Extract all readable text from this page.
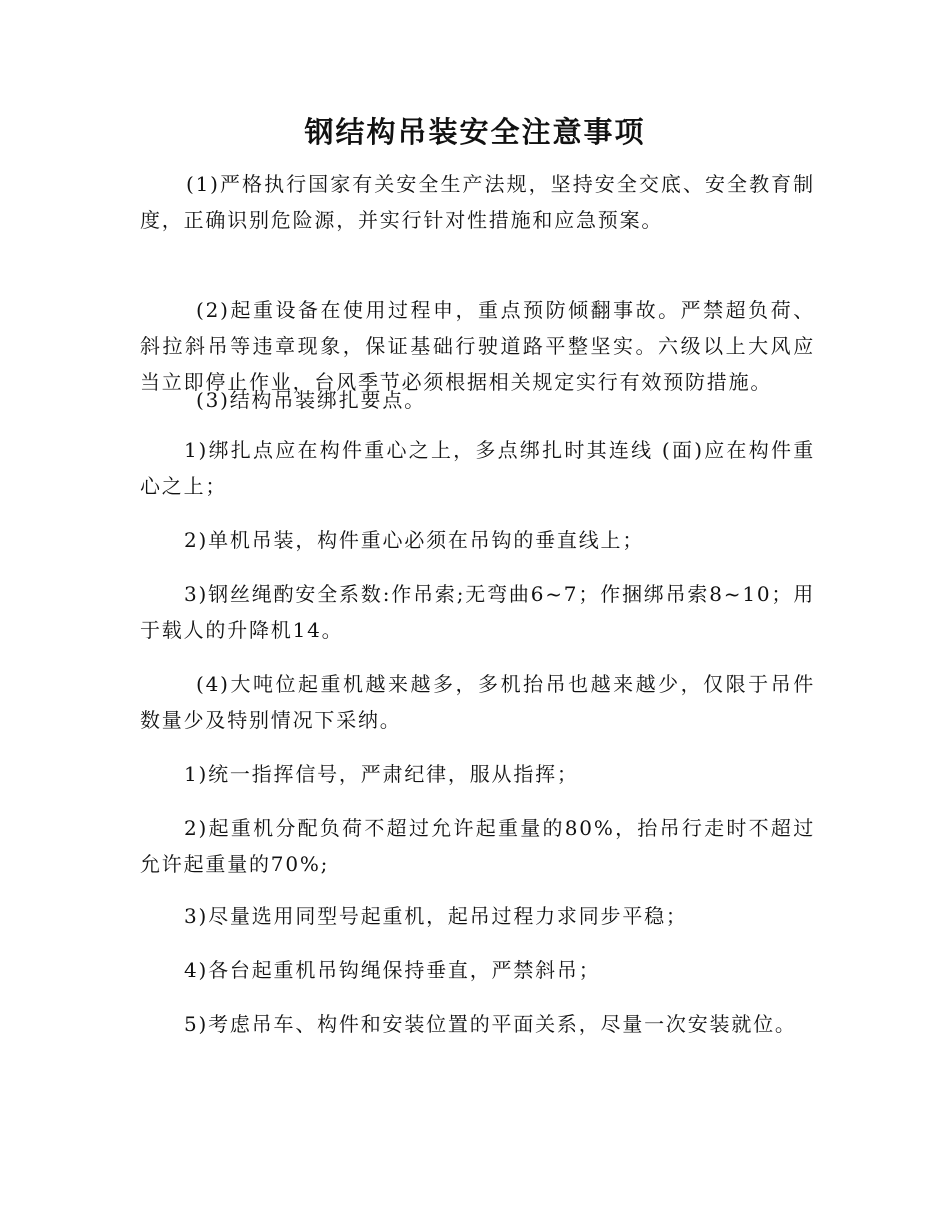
钢结构吊装安全注意事项

(1)严格执行国家有关安全生产法规，坚持安全交底、安全教育制度，正确识别危险源，并实行针对性措施和应急预案。

(2)起重设备在使用过程申，重点预防倾翻事故。严禁超负荷、斜拉斜吊等违章现象，保证基础行驶道路平整坚实。六级以上大风应当立即停止作业，台风季节必须根据相关规定实行有效预防措施。

(3)结构吊装绑扎要点。

1)绑扎点应在构件重心之上，多点绑扎时其连线 (面)应在构件重心之上；

2)单机吊装，构件重心必须在吊钩的垂直线上；

3)钢丝绳酌安全系数:作吊索;无弯曲6~7；作捆绑吊索8~10；用于载人的升降机14。

(4)大吨位起重机越来越多，多机抬吊也越来越少，仅限于吊件数量少及特别情况下采纳。

1)统一指挥信号，严肃纪律，服从指挥；

2)起重机分配负荷不超过允许起重量的80%，抬吊行走时不超过允许起重量的70%;

3)尽量选用同型号起重机，起吊过程力求同步平稳；

4)各台起重机吊钩绳保持垂直，严禁斜吊；

5)考虑吊车、构件和安装位置的平面关系，尽量一次安装就位。
